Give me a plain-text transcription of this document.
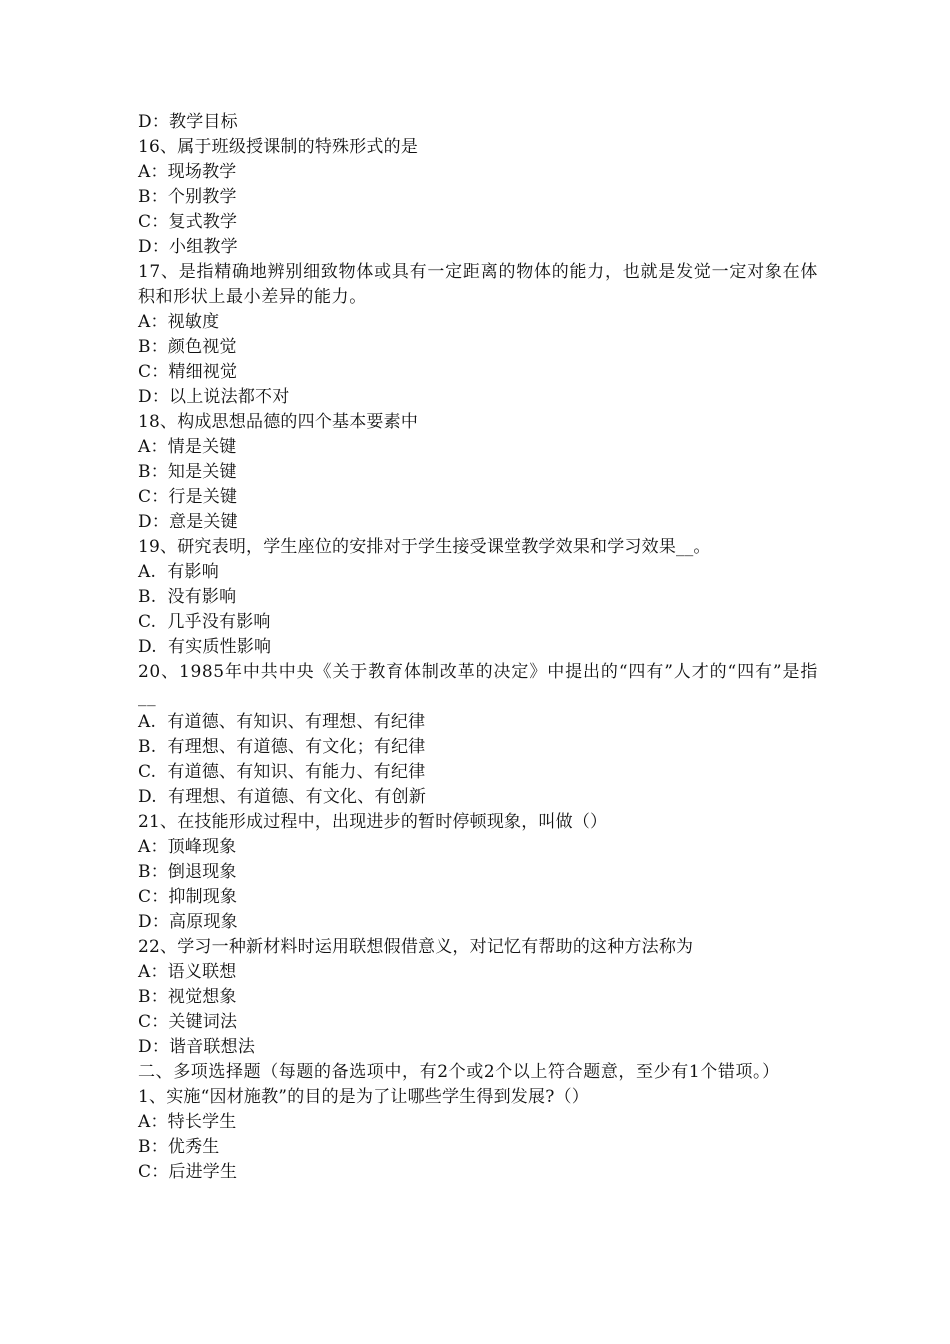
D：教学目标
16、属于班级授课制的特殊形式的是
A：现场教学
B：个别教学
C：复式教学
D：小组教学
17、是指精确地辨别细致物体或具有一定距离的物体的能力，也就是发觉一定对象在体积和形状上最小差异的能力。
A：视敏度
B：颜色视觉
C：精细视觉
D：以上说法都不对
18、构成思想品德的四个基本要素中
A：情是关键
B：知是关键
C：行是关键
D：意是关键
19、研究表明，学生座位的安排对于学生接受课堂教学效果和学习效果__。
A.  有影响
B.  没有影响
C.  几乎没有影响
D.  有实质性影响
20、1985年中共中央《关于教育体制改革的决定》中提出的“四有”人才的“四有”是指__
A.  有道德、有知识、有理想、有纪律
B.  有理想、有道德、有文化；有纪律
C.  有道德、有知识、有能力、有纪律
D.  有理想、有道德、有文化、有创新
21、在技能形成过程中，出现进步的暂时停顿现象，叫做（）
A：顶峰现象
B：倒退现象
C：抑制现象
D：高原现象
22、学习一种新材料时运用联想假借意义，对记忆有帮助的这种方法称为
A：语义联想
B：视觉想象
C：关键词法
D：谐音联想法
二、多项选择题（每题的备选项中，有2个或2个以上符合题意，至少有1个错项。）
1、实施“因材施教”的目的是为了让哪些学生得到发展?（）
A：特长学生
B：优秀生
C：后进学生
